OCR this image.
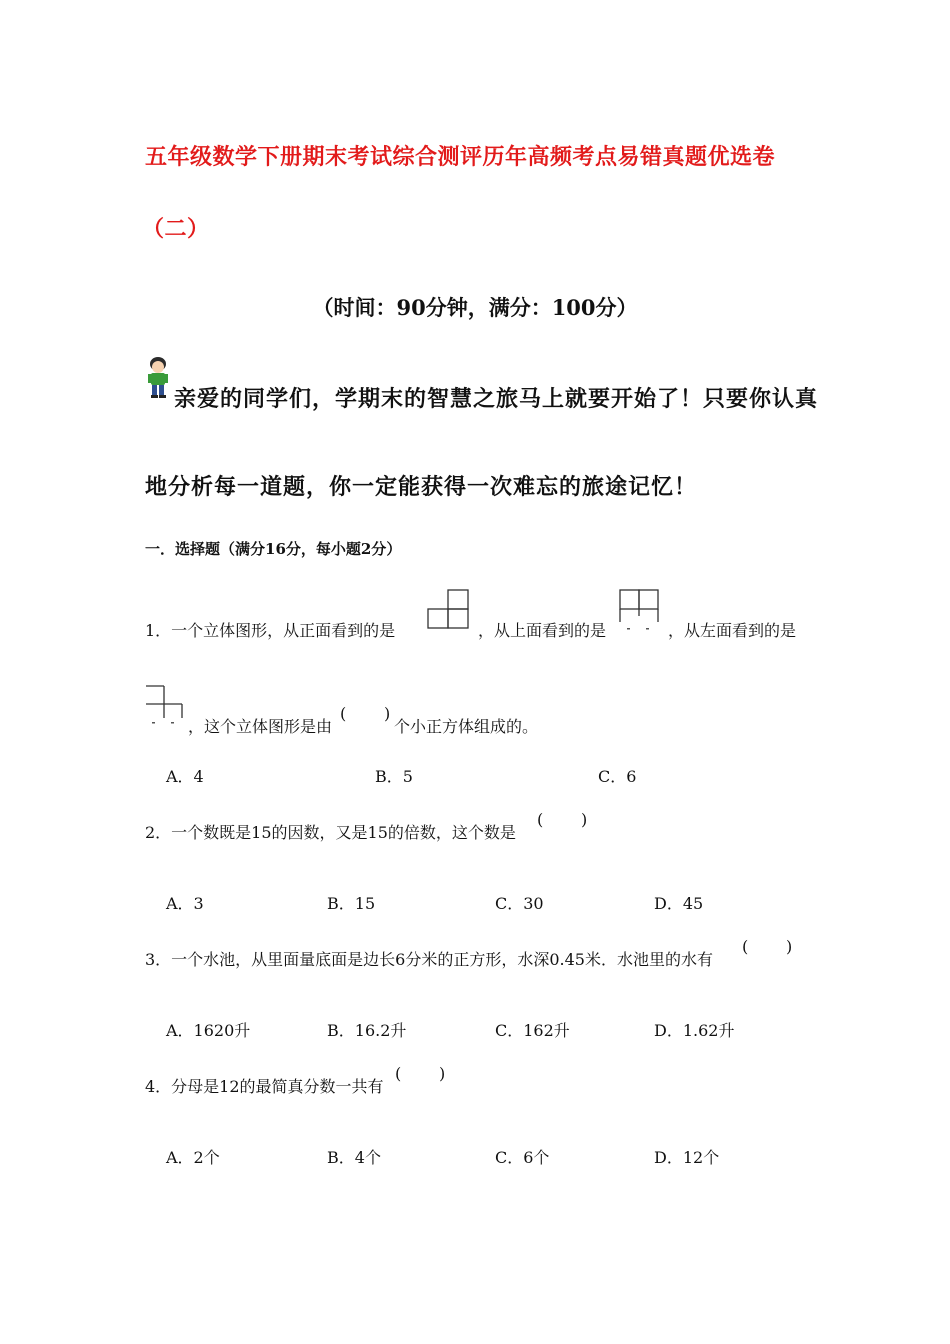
五年级数学下册期末考试综合测评历年高频考点易错真题优选卷
（二）
（时间：90分钟，满分：100分）
亲爱的同学们，学期末的智慧之旅马上就要开始了！只要你认真
地分析每一道题，你一定能获得一次难忘的旅途记忆！
一．选择题（满分16分，每小题2分）
1．一个立体图形，从正面看到的是	，从上面看到的是	，从左面看到的是
，这个立体图形是由
( )
个小正方体组成的。
A．4	B．5	C．6
2．一个数既是15的因数，又是15的倍数，这个数是
( )
A．3	B．15	C．30	D．45
3．一个水池，从里面量底面是边长6分米的正方形，水深0.45米．水池里的水有
( )
A．1620升	B．16.2升	C．162升	D．1.62升
4．分母是12的最简真分数一共有
( )
A．2个	B．4个	C．6个	D．12个
